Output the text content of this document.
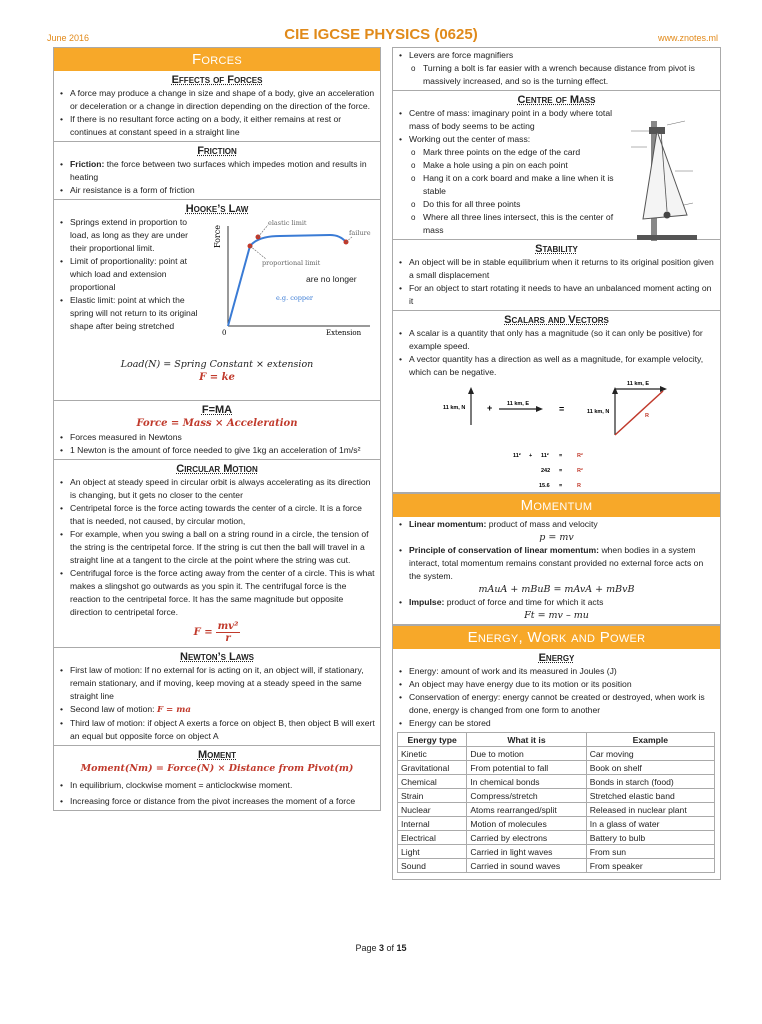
June 2016	CIE IGCSE PHYSICS (0625)	www.znotes.ml
Forces
Effects of Forces
• A force may produce a change in size and shape of a body, give an acceleration or deceleration or a change in direction depending on the direction of the force.
• If there is no resultant force acting on a body, it either remains at rest or continues at constant speed in a straight line
Friction
• Friction: the force between two surfaces which impedes motion and results in heating
• Air resistance is a form of friction
Hooke’s Law
• Springs extend in proportion to load, as long as they are under their proportional limit.
• Limit of proportionality: point at which load and extension proportional
• Elastic limit: point at which the spring will not return to its original shape after being stretched
are no longer
Force
0	Extension
elastic limit
proportional limit
failure
e.g. copper
Load(N) = Spring Constant × extension
F = ke
F=MA
Force = Mass × Acceleration
• Forces measured in Newtons
• 1 Newton is the amount of force needed to give 1kg an acceleration of 1m/s²
Circular Motion
• An object at steady speed in circular orbit is always accelerating as its direction is changing, but it gets no closer to the center
• Centripetal force is the force acting towards the center of a circle. It is a force that is needed, not caused, by circular motion,
• For example, when you swing a ball on a string round in a circle, the tension of the string is the centripetal force. If the string is cut then the ball will travel in a straight line at a tangent to the circle at the point where the string was cut.
• Centrifugal force is the force acting away from the center of a circle. This is what makes a slingshot go outwards as you spin it. The centrifugal force is the reaction to the centripetal force. It has the same magnitude but opposite direction to centripetal force.
$F = \frac{\text{mv²}}{r}$
Newton’s Laws
• First law of motion: If no external for is acting on it, an object will, if stationary, remain stationary, and if moving, keep moving at a steady speed in the same straight line
• Second law of motion: F = ma
• Third law of motion: if object A exerts a force on object B, then object B will exert an equal but opposite force on object A
Moment
Moment(Nm) = Force(N) × Distance from Pivot(m)
• In equilibrium, clockwise moment = anticlockwise moment.
• Increasing force or distance from the pivot increases the moment of a force
• Levers are force magnifiers
o Turning a bolt is far easier with a wrench because distance from pivot is massively increased, and so is the turning effect.
Centre of Mass
• Centre of mass: imaginary point in a body where total mass of body seems to be acting
• Working out the center of mass:
o Mark three points on the edge of the card
o Make a hole using a pin on each point
o Hang it on a cork board and make a line when it is stable
o Do this for all three points
o Where all three lines intersect, this is the center of mass
Stability
• An object will be in stable equilibrium when it returns to its original position given a small displacement
• For an object to start rotating it needs to have an unbalanced moment acting on it
Scalars and Vectors
• A scalar is a quantity that only has a magnitude (so it can only be positive) for example speed.
• A vector quantity has a direction as well as a magnitude, for example velocity, which can be negative.
11 km, N +	11 km, E	=	11 km, N
11 km, E
R
11² + 11² =	R²
242 =	R²
15.6 =	R
Momentum
• Linear momentum: product of mass and velocity
p = mv
• Principle of conservation of linear momentum: when bodies in a system interact, total momentum remains constant provided no external force acts on the system.
mAuA + mBuB = mAvA + mBvB
• Impulse: product of force and time for which it acts
Ft = mv – mu
Energy, Work and Power
Energy
• Energy: amount of work and its measured in Joules (J)
• An object may have energy due to its motion or its position
• Conservation of energy: energy cannot be created or destroyed, when work is done, energy is changed from one form to another
• Energy can be stored
Energy type	What it is	Example
Kinetic	Due to motion	Car moving
Gravitational	From potential to fall	Book on shelf
Chemical	In chemical bonds	Bonds in starch (food)
Strain	Compress/stretch	Stretched elastic band
Nuclear	Atoms rearranged/split	Released in nuclear plant
Internal	Motion of molecules	In a glass of water
Electrical	Carried by electrons	Battery to bulb
Light	Carried in light waves	From sun
Sound	Carried in sound waves	From speaker
Page 3 of 15
